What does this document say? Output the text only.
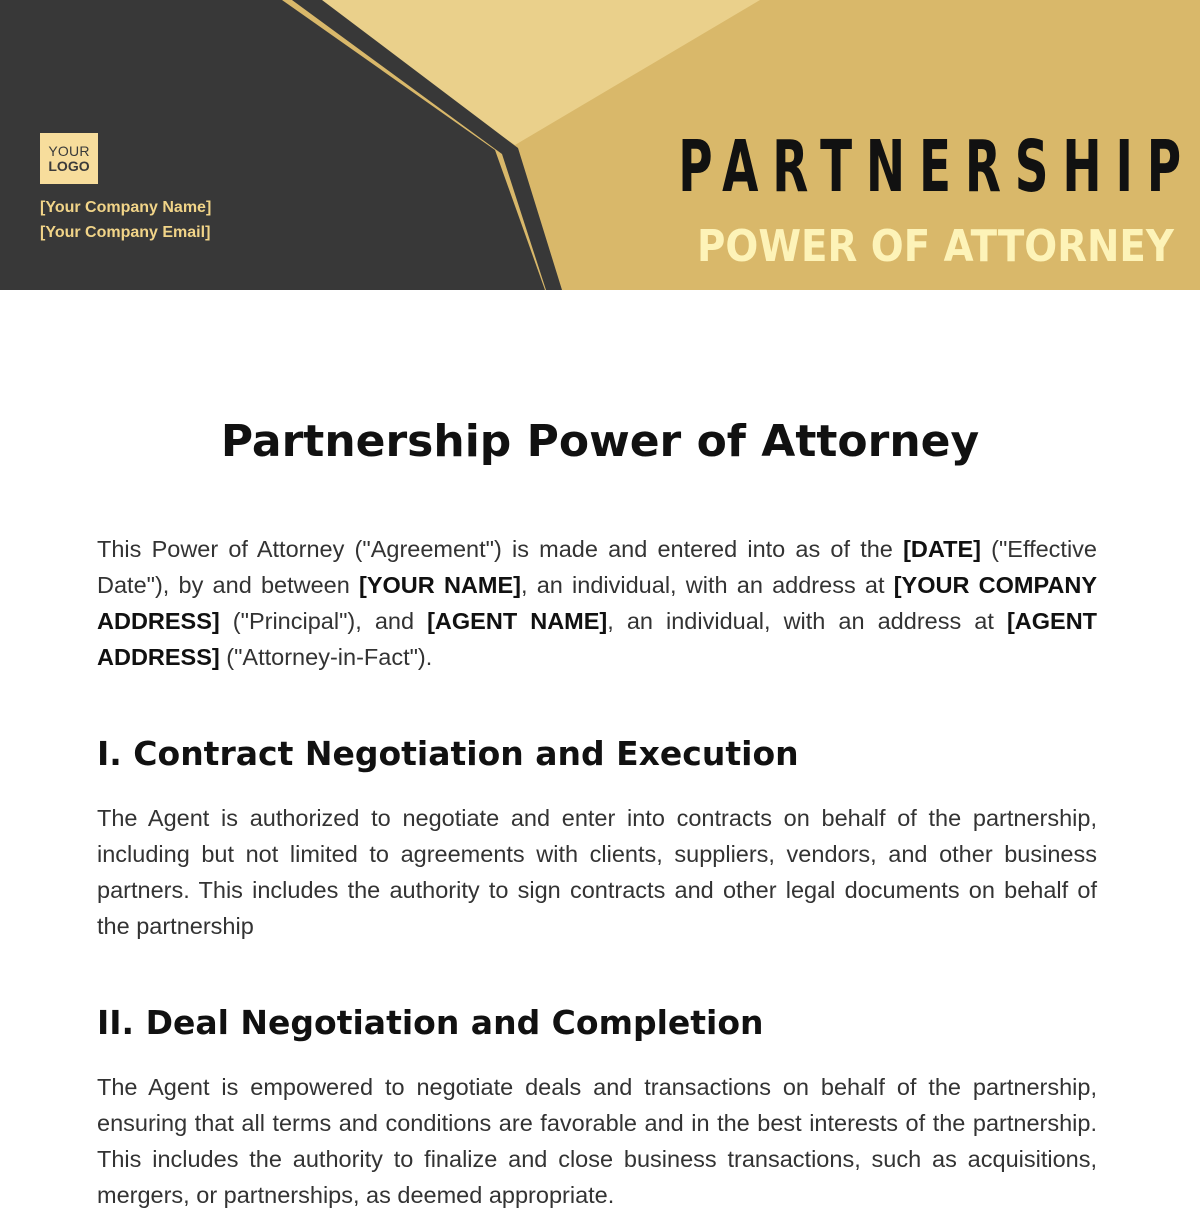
YOUR
LOGO
[Your Company Name]
[Your Company Email]
PARTNERSHIP
POWER OF ATTORNEY
Partnership Power of Attorney

This Power of Attorney ("Agreement") is made and entered into as of the [DATE] ("Effective Date"), by and between [YOUR NAME], an individual, with an address at [YOUR COMPANY ADDRESS] ("Principal"), and [AGENT NAME], an individual, with an address at [AGENT ADDRESS] ("Attorney-in-Fact").

I. Contract Negotiation and Execution

The Agent is authorized to negotiate and enter into contracts on behalf of the partnership, including but not limited to agreements with clients, suppliers, vendors, and other business partners. This includes the authority to sign contracts and other legal documents on behalf of the partnership

II. Deal Negotiation and Completion

The Agent is empowered to negotiate deals and transactions on behalf of the partnership, ensuring that all terms and conditions are favorable and in the best interests of the partnership. This includes the authority to finalize and close business transactions, such as acquisitions, mergers, or partnerships, as deemed appropriate.
